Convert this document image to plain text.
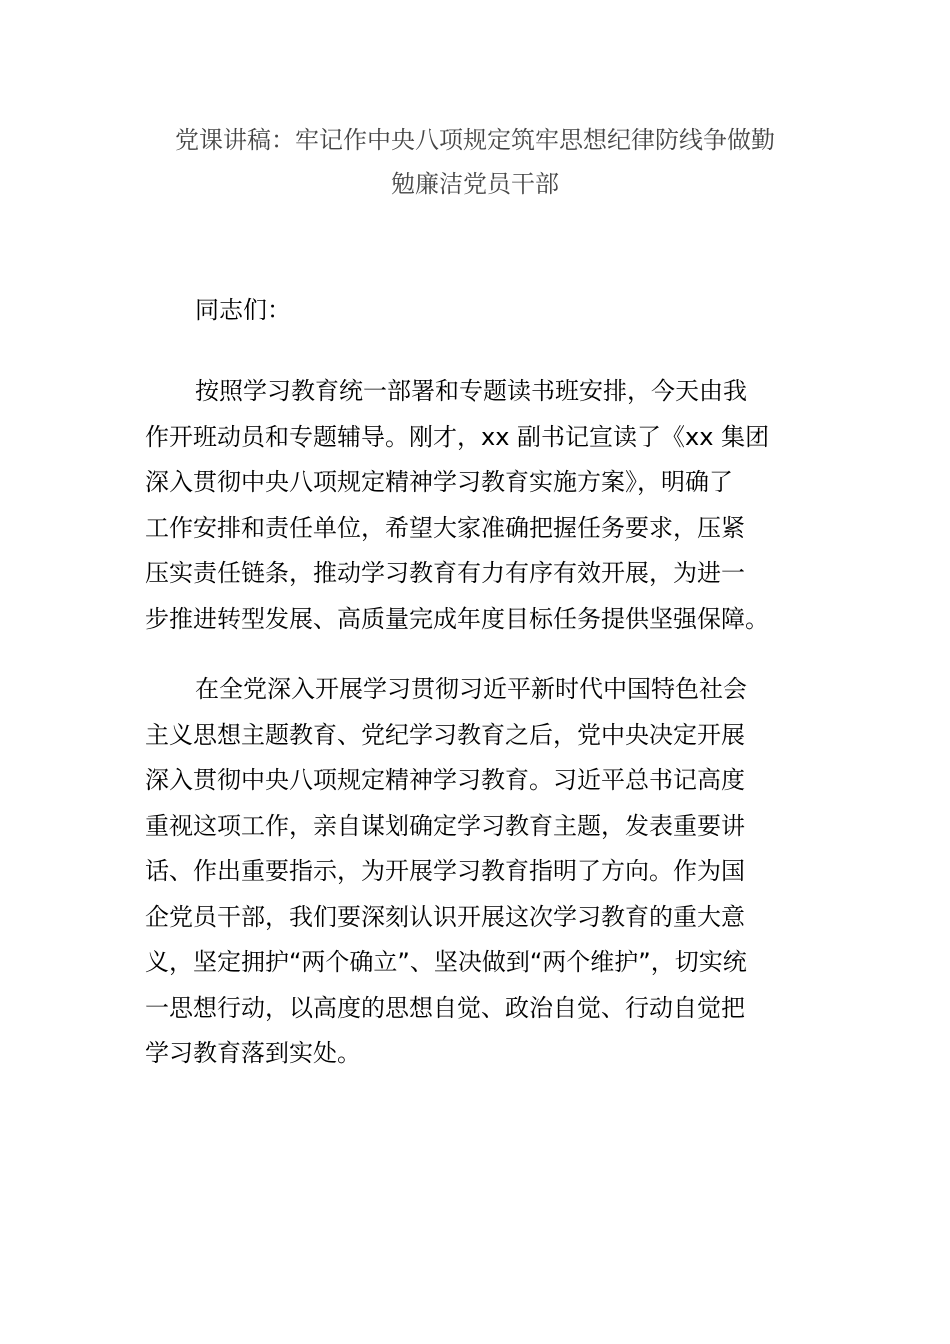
党课讲稿：牢记作中央八项规定筑牢思想纪律防线争做勤
勉廉洁党员干部
同志们：
按照学习教育统一部署和专题读书班安排，今天由我
作开班动员和专题辅导。刚才，xx 副书记宣读了《xx 集团
深入贯彻中央八项规定精神学习教育实施方案》，明确了
工作安排和责任单位，希望大家准确把握任务要求，压紧
压实责任链条，推动学习教育有力有序有效开展，为进一
步推进转型发展、高质量完成年度目标任务提供坚强保障。
在全党深入开展学习贯彻习近平新时代中国特色社会
主义思想主题教育、党纪学习教育之后，党中央决定开展
深入贯彻中央八项规定精神学习教育。习近平总书记高度
重视这项工作，亲自谋划确定学习教育主题，发表重要讲
话、作出重要指示，为开展学习教育指明了方向。作为国
企党员干部，我们要深刻认识开展这次学习教育的重大意
义，坚定拥护“两个确立”、坚决做到“两个维护”，切实统
一思想行动，以高度的思想自觉、政治自觉、行动自觉把
学习教育落到实处。
